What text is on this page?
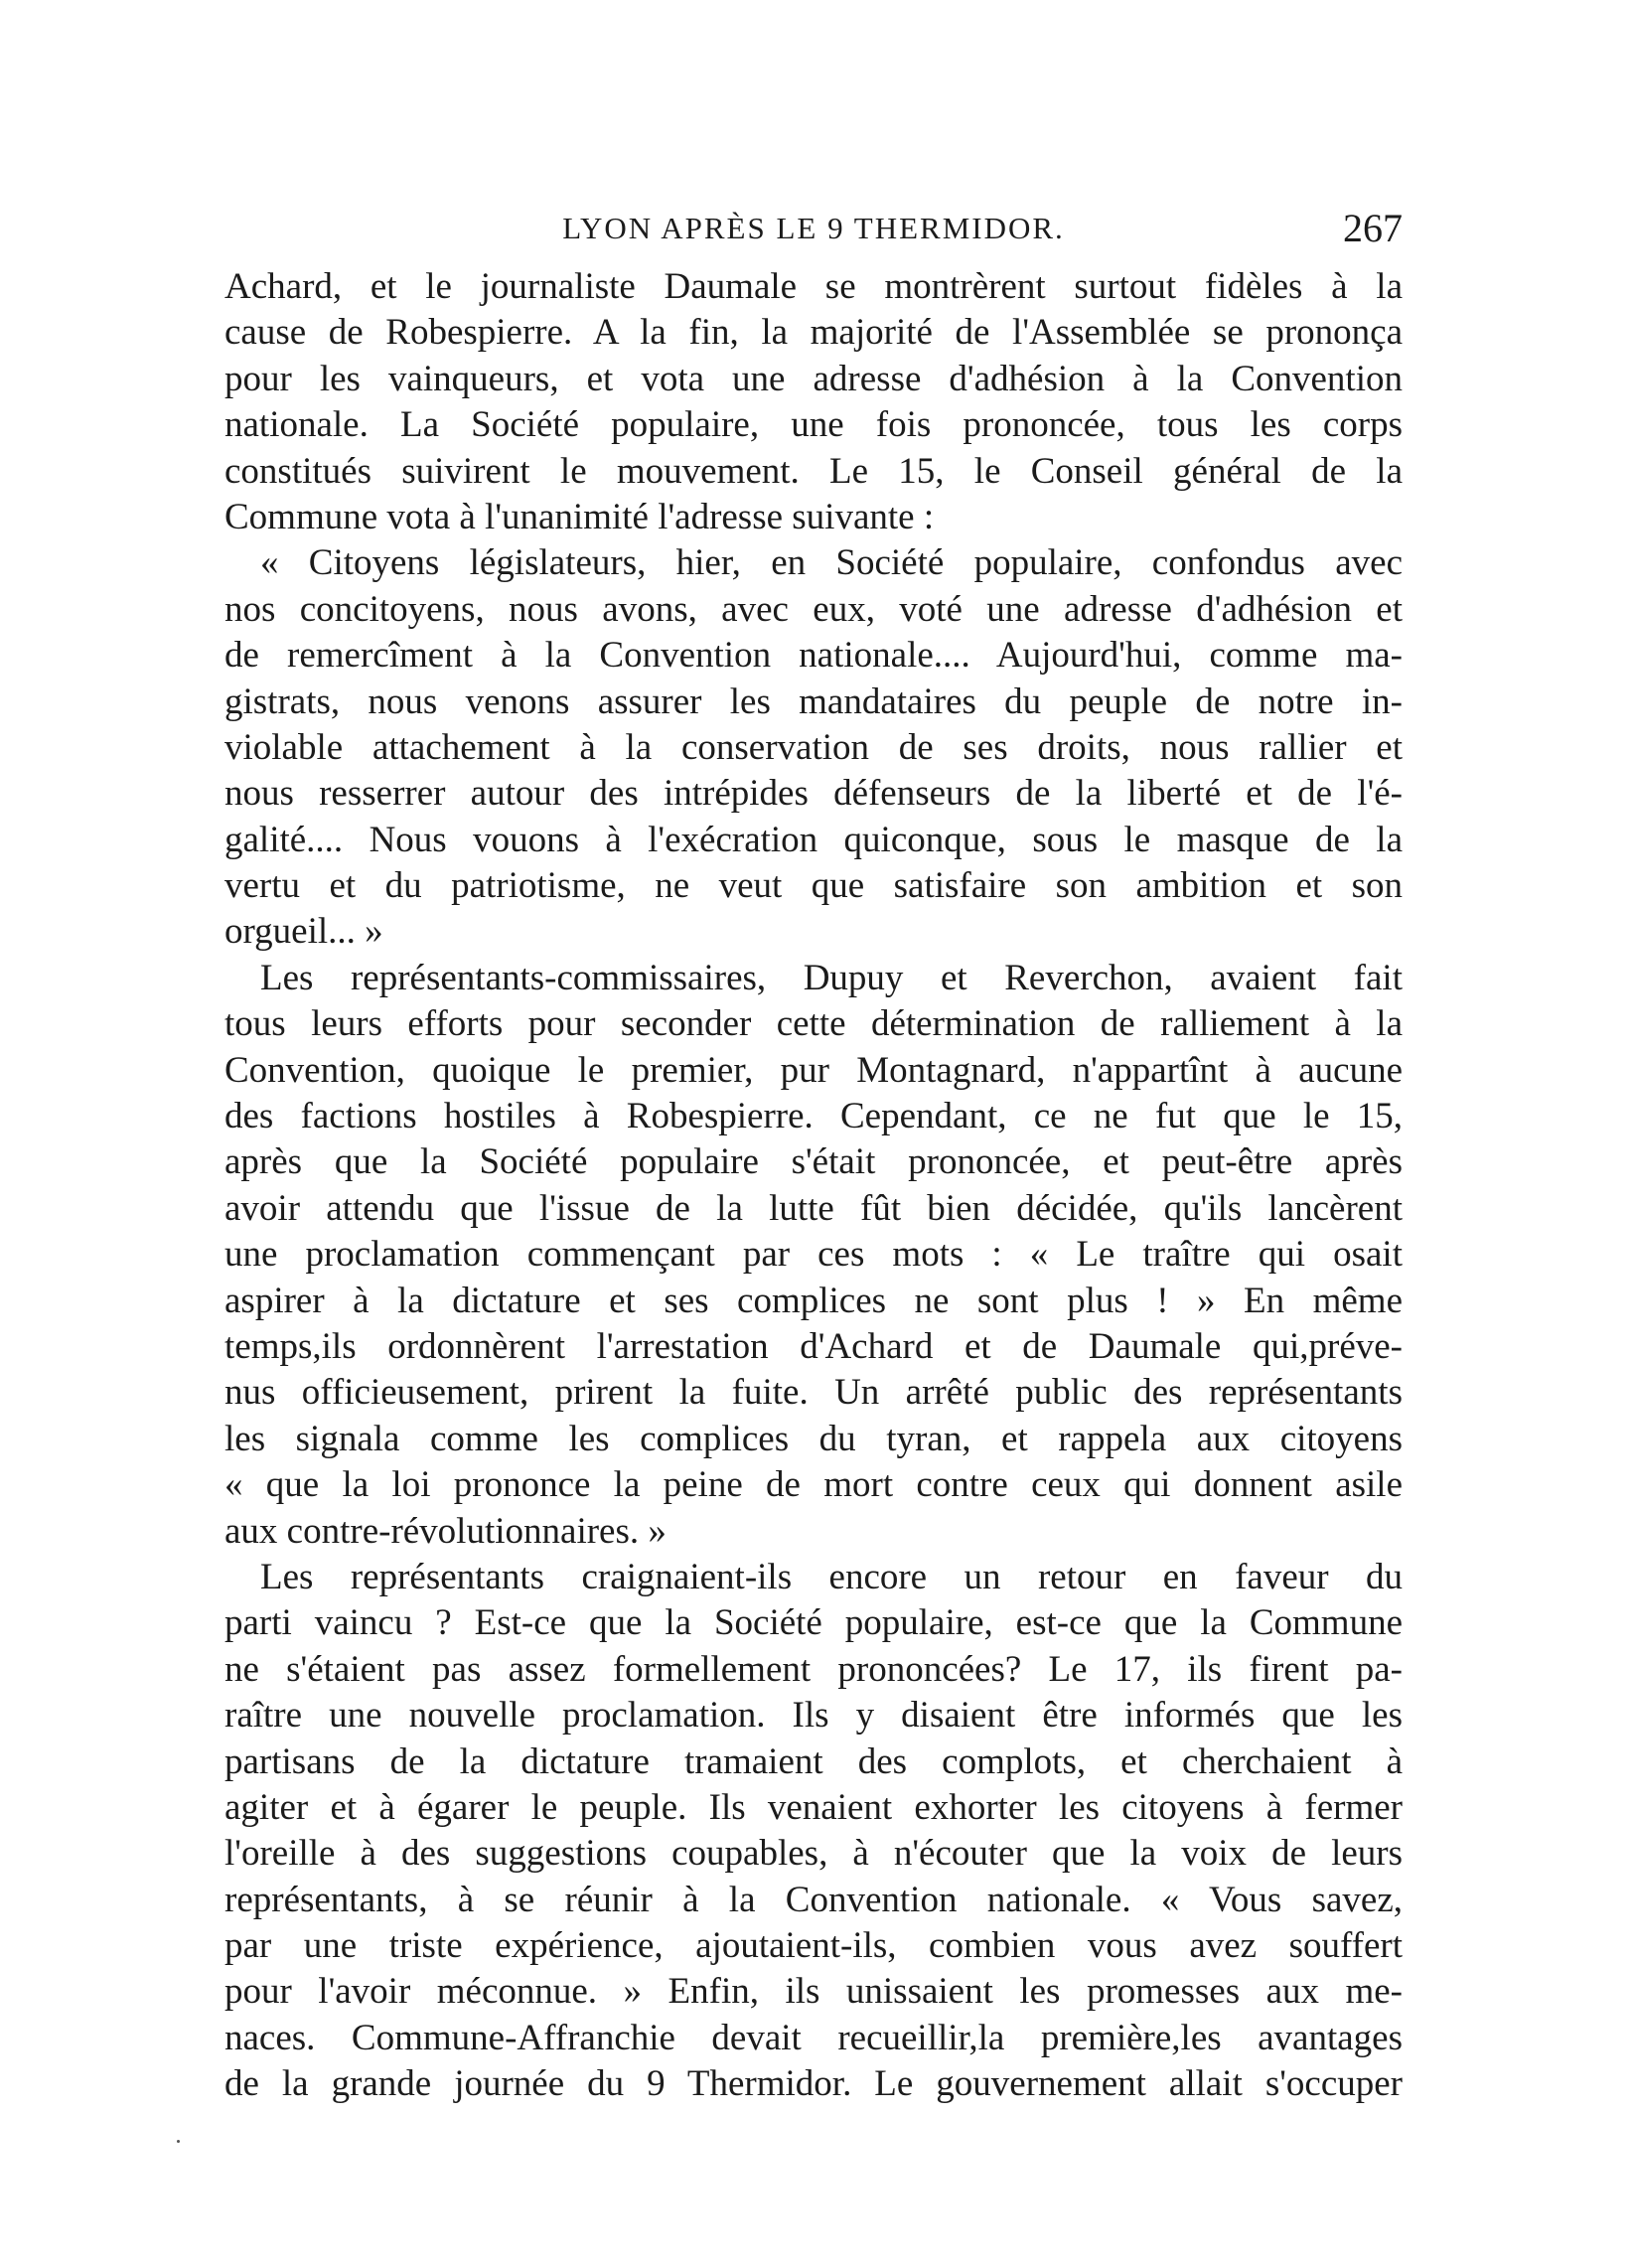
LYON APRÈS LE 9 THERMIDOR.	267
Achard, et le journaliste Daumale se montrèrent surtout fidèles à la
cause de Robespierre. A la fin, la majorité de l'Assemblée se prononça
pour les vainqueurs, et vota une adresse d'adhésion à la Convention
nationale. La Société populaire, une fois prononcée, tous les corps
constitués suivirent le mouvement. Le 15, le Conseil général de la
Commune vota à l'unanimité l'adresse suivante :
« Citoyens législateurs, hier, en Société populaire, confondus avec
nos concitoyens, nous avons, avec eux, voté une adresse d'adhésion et
de remercîment à la Convention nationale.... Aujourd'hui, comme ma-
gistrats, nous venons assurer les mandataires du peuple de notre in-
violable attachement à la conservation de ses droits, nous rallier et
nous resserrer autour des intrépides défenseurs de la liberté et de l'é-
galité.... Nous vouons à l'exécration quiconque, sous le masque de la
vertu et du patriotisme, ne veut que satisfaire son ambition et son
orgueil... »
Les représentants-commissaires, Dupuy et Reverchon, avaient fait
tous leurs efforts pour seconder cette détermination de ralliement à la
Convention, quoique le premier, pur Montagnard, n'appartînt à aucune
des factions hostiles à Robespierre. Cependant, ce ne fut que le 15,
après que la Société populaire s'était prononcée, et peut-être après
avoir attendu que l'issue de la lutte fût bien décidée, qu'ils lancèrent
une proclamation commençant par ces mots : « Le traître qui osait
aspirer à la dictature et ses complices ne sont plus ! » En même
temps,ils ordonnèrent l'arrestation d'Achard et de Daumale qui,préve-
nus officieusement, prirent la fuite. Un arrêté public des représentants
les signala comme les complices du tyran, et rappela aux citoyens
« que la loi prononce la peine de mort contre ceux qui donnent asile
aux contre-révolutionnaires. »
Les représentants craignaient-ils encore un retour en faveur du
parti vaincu ? Est-ce que la Société populaire, est-ce que la Commune
ne s'étaient pas assez formellement prononcées? Le 17, ils firent pa-
raître une nouvelle proclamation. Ils y disaient être informés que les
partisans de la dictature tramaient des complots, et cherchaient à
agiter et à égarer le peuple. Ils venaient exhorter les citoyens à fermer
l'oreille à des suggestions coupables, à n'écouter que la voix de leurs
représentants, à se réunir à la Convention nationale. « Vous savez,
par une triste expérience, ajoutaient-ils, combien vous avez souffert
pour l'avoir méconnue. » Enfin, ils unissaient les promesses aux me-
naces. Commune-Affranchie devait recueillir,la première,les avantages
de la grande journée du 9 Thermidor. Le gouvernement allait s'occuper
